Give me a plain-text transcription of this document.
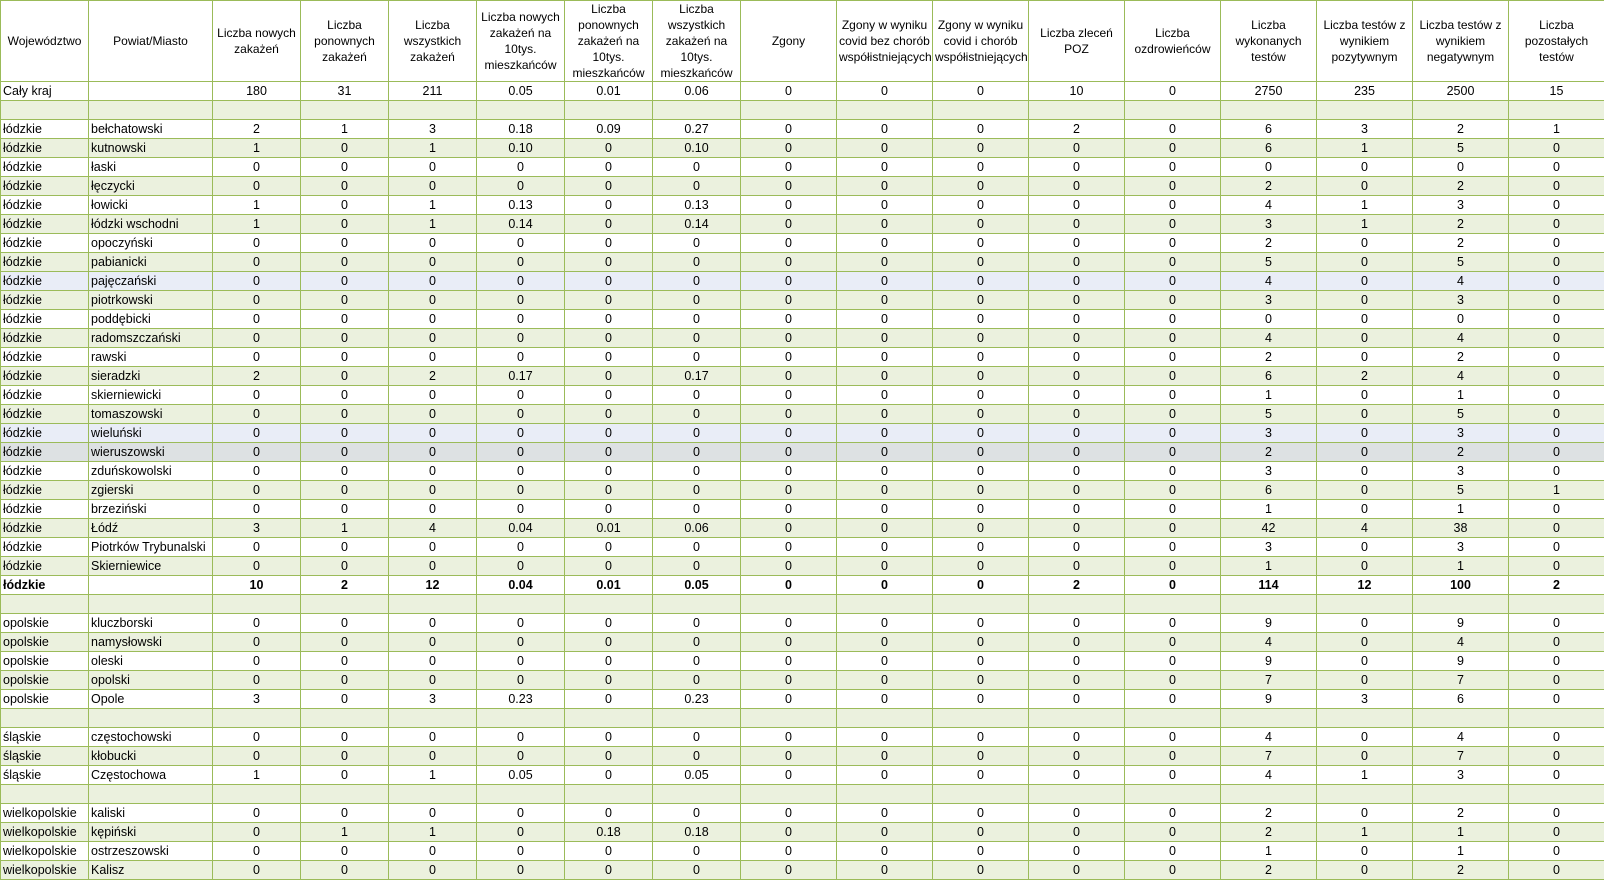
Województwo	Powiat/Miasto	Liczba nowych zakażeń	Liczba ponownych zakażeń	Liczba wszystkich zakażeń	Liczba nowych zakażeń na 10tys. mieszkańców	Liczba ponownych zakażeń na 10tys. mieszkańców	Liczba wszystkich zakażeń na 10tys. mieszkańców	Zgony	Zgony w wyniku covid bez chorób współistniejących	Zgony w wyniku covid i chorób współistniejących	Liczba zleceń POZ	Liczba ozdrowieńców	Liczba wykonanych testów	Liczba testów z wynikiem pozytywnym	Liczba testów z wynikiem negatywnym	Liczba pozostałych testów
Cały kraj		180	31	211	0.05	0.01	0.06	0	0	0	10	0	2750	235	2500	15

łódzkie	bełchatowski	2	1	3	0.18	0.09	0.27	0	0	0	2	0	6	3	2	1
łódzkie	kutnowski	1	0	1	0.10	0	0.10	0	0	0	0	0	6	1	5	0
łódzkie	łaski	0	0	0	0	0	0	0	0	0	0	0	0	0	0	0
łódzkie	łęczycki	0	0	0	0	0	0	0	0	0	0	0	2	0	2	0
łódzkie	łowicki	1	0	1	0.13	0	0.13	0	0	0	0	0	4	1	3	0
łódzkie	łódzki wschodni	1	0	1	0.14	0	0.14	0	0	0	0	0	3	1	2	0
łódzkie	opoczyński	0	0	0	0	0	0	0	0	0	0	0	2	0	2	0
łódzkie	pabianicki	0	0	0	0	0	0	0	0	0	0	0	5	0	5	0
łódzkie	pajęczański	0	0	0	0	0	0	0	0	0	0	0	4	0	4	0
łódzkie	piotrkowski	0	0	0	0	0	0	0	0	0	0	0	3	0	3	0
łódzkie	poddębicki	0	0	0	0	0	0	0	0	0	0	0	0	0	0	0
łódzkie	radomszczański	0	0	0	0	0	0	0	0	0	0	0	4	0	4	0
łódzkie	rawski	0	0	0	0	0	0	0	0	0	0	0	2	0	2	0
łódzkie	sieradzki	2	0	2	0.17	0	0.17	0	0	0	0	0	6	2	4	0
łódzkie	skierniewicki	0	0	0	0	0	0	0	0	0	0	0	1	0	1	0
łódzkie	tomaszowski	0	0	0	0	0	0	0	0	0	0	0	5	0	5	0
łódzkie	wieluński	0	0	0	0	0	0	0	0	0	0	0	3	0	3	0
łódzkie	wieruszowski	0	0	0	0	0	0	0	0	0	0	0	2	0	2	0
łódzkie	zduńskowolski	0	0	0	0	0	0	0	0	0	0	0	3	0	3	0
łódzkie	zgierski	0	0	0	0	0	0	0	0	0	0	0	6	0	5	1
łódzkie	brzeziński	0	0	0	0	0	0	0	0	0	0	0	1	0	1	0
łódzkie	Łódź	3	1	4	0.04	0.01	0.06	0	0	0	0	0	42	4	38	0
łódzkie	Piotrków Trybunalski	0	0	0	0	0	0	0	0	0	0	0	3	0	3	0
łódzkie	Skierniewice	0	0	0	0	0	0	0	0	0	0	0	1	0	1	0
łódzkie		10	2	12	0.04	0.01	0.05	0	0	0	2	0	114	12	100	2

opolskie	kluczborski	0	0	0	0	0	0	0	0	0	0	0	9	0	9	0
opolskie	namysłowski	0	0	0	0	0	0	0	0	0	0	0	4	0	4	0
opolskie	oleski	0	0	0	0	0	0	0	0	0	0	0	9	0	9	0
opolskie	opolski	0	0	0	0	0	0	0	0	0	0	0	7	0	7	0
opolskie	Opole	3	0	3	0.23	0	0.23	0	0	0	0	0	9	3	6	0

śląskie	częstochowski	0	0	0	0	0	0	0	0	0	0	0	4	0	4	0
śląskie	kłobucki	0	0	0	0	0	0	0	0	0	0	0	7	0	7	0
śląskie	Częstochowa	1	0	1	0.05	0	0.05	0	0	0	0	0	4	1	3	0

wielkopolskie	kaliski	0	0	0	0	0	0	0	0	0	0	0	2	0	2	0
wielkopolskie	kępiński	0	1	1	0	0.18	0.18	0	0	0	0	0	2	1	1	0
wielkopolskie	ostrzeszowski	0	0	0	0	0	0	0	0	0	0	0	1	0	1	0
wielkopolskie	Kalisz	0	0	0	0	0	0	0	0	0	0	0	2	0	2	0
